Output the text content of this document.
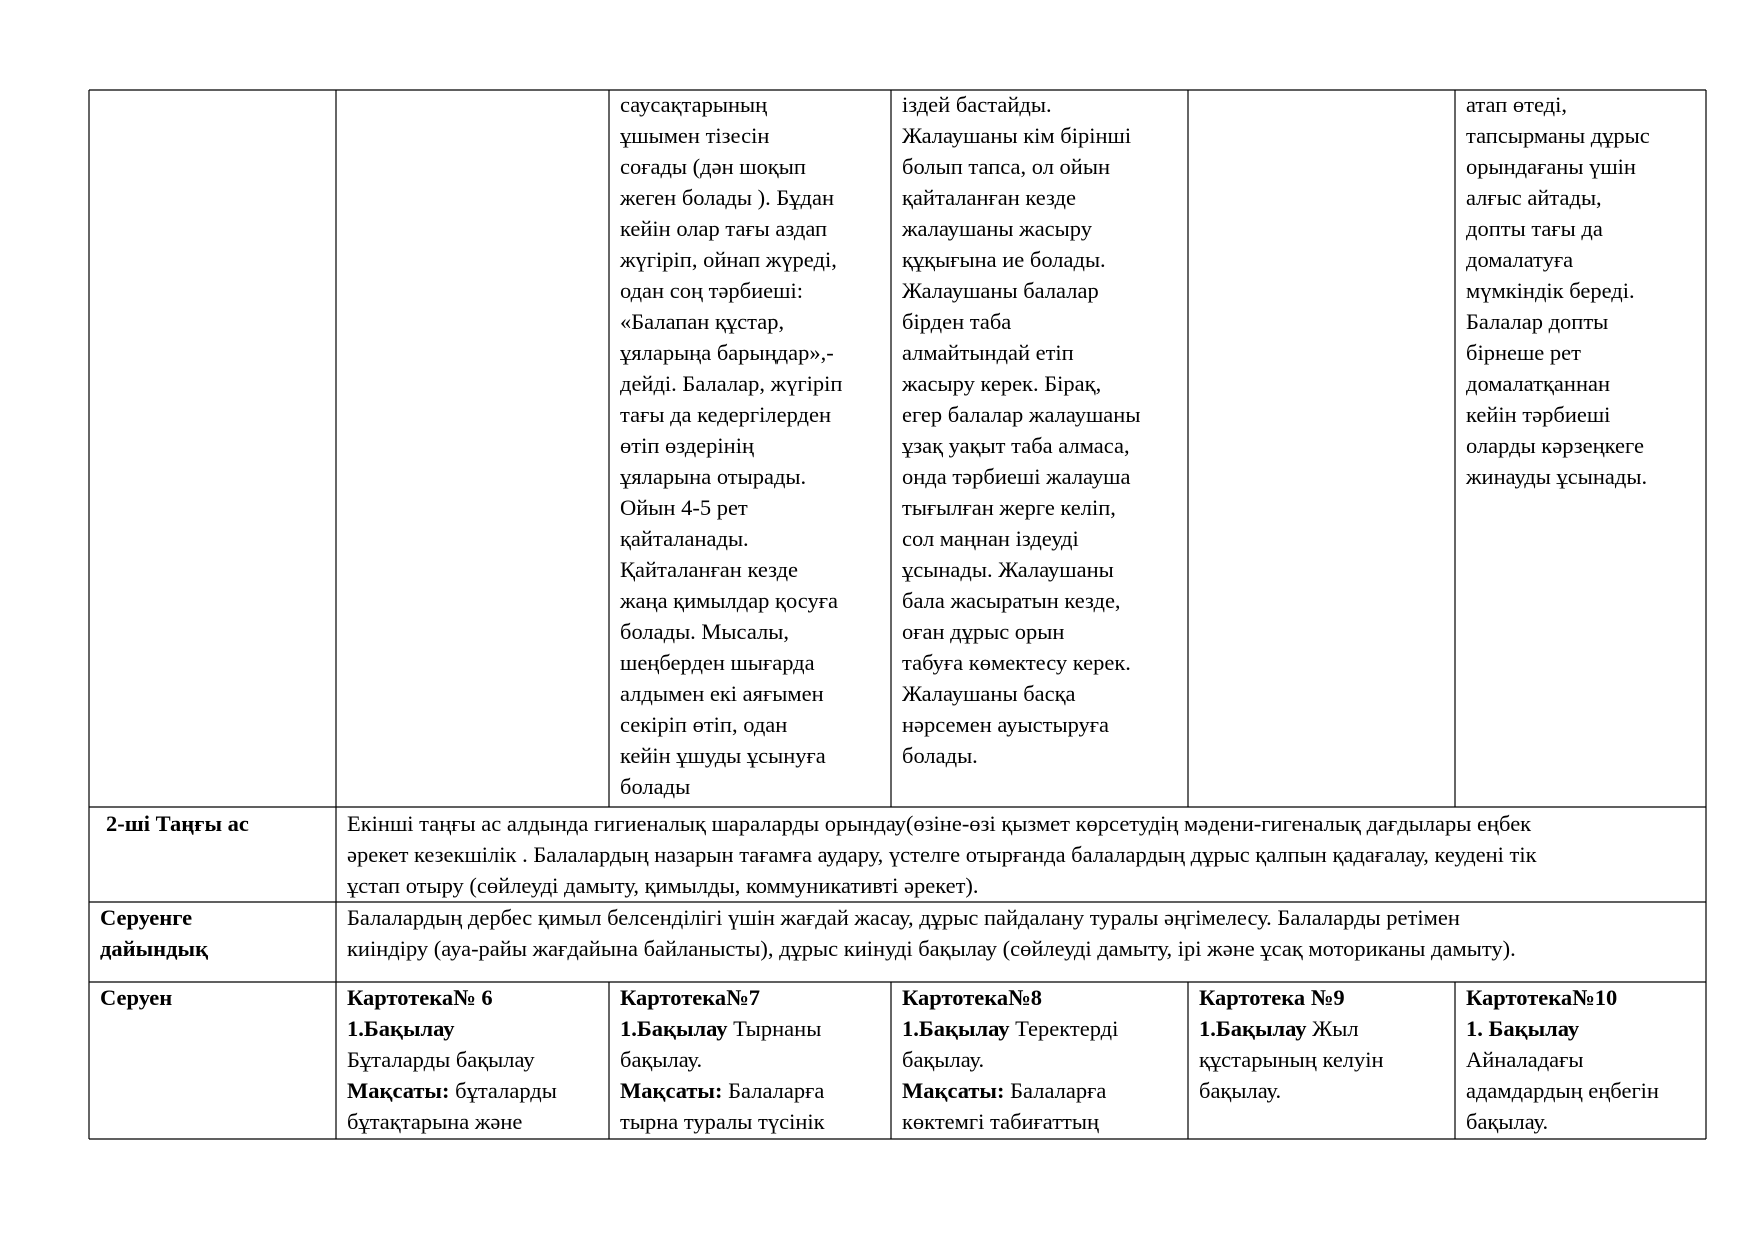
саусақтарының
ұшымен тізесін
соғады (дән шоқып
жеген болады ). Бұдан
кейін олар тағы аздап
жүгіріп, ойнап жүреді,
одан соң тәрбиеші:
«Балапан құстар,
ұяларыңа барыңдар»,-
дейді. Балалар, жүгіріп
тағы да кедергілерден
өтіп өздерінің
ұяларына отырады.
Ойын 4-5 рет
қайталанады.
Қайталанған кезде
жаңа қимылдар қосуға
болады. Мысалы,
шеңберден шығарда
алдымен екі аяғымен
секіріп өтіп, одан
кейін ұшуды ұсынуға
болады
іздей бастайды.
Жалаушаны кім бірінші
болып тапса, ол ойын
қайталанған кезде
жалаушаны жасыру
құқығына ие болады.
Жалаушаны балалар
бірден таба
алмайтындай етіп
жасыру керек. Бірақ,
егер балалар жалаушаны
ұзақ уақыт таба алмаса,
онда тәрбиеші жалауша
тығылған жерге келіп,
сол маңнан іздеуді
ұсынады. Жалаушаны
бала жасыратын кезде,
оған дұрыс орын
табуға көмектесу керек.
Жалаушаны басқа
нәрсемен ауыстыруға
болады.
атап өтеді,
тапсырманы дұрыс
орындағаны үшін
алғыс айтады,
допты тағы да
домалатуға
мүмкіндік береді.
Балалар допты
бірнеше рет
домалатқаннан
кейін тәрбиеші
оларды кәрзеңкеге
жинауды ұсынады.
2-ші Таңғы ас	Екінші таңғы ас алдында гигиеналық шараларды орындау(өзіне-өзі қызмет көрсетудің мәдени-гигеналық дағдылары еңбек
әрекет кезекшілік . Балалардың назарын тағамға аудару, үстелге отырғанда балалардың дұрыс қалпын қадағалау, кеудені тік
ұстап отыру (сөйлеуді дамыту, қимылды, коммуникативті әрекет).
Серуенге
дайындық
Балалардың дербес қимыл белсенділігі үшін жағдай жасау, дұрыс пайдалану туралы әңгімелесу. Балаларды ретімен
киіндіру (ауа-райы жағдайына байланысты), дұрыс киінуді бақылау (сөйлеуді дамыту, ірі және ұсақ моториканы дамыту).
Серуен	Картотека№ 6
1.Бақылау
Бұталарды бақылау
Мақсаты: бұталарды
бұтақтарына және
Картотека№7
1.Бақылау Тырнаны
бақылау.
Мақсаты: Балаларға
тырна туралы түсінік
Картотека№8
1.Бақылау Теректерді
бақылау.
Мақсаты: Балаларға
көктемгі табиғаттың
Картотека №9
1.Бақылау Жыл
құстарының келуін
бақылау.
Картотека№10
1. Бақылау
Айналадағы
адамдардың еңбегін
бақылау.
